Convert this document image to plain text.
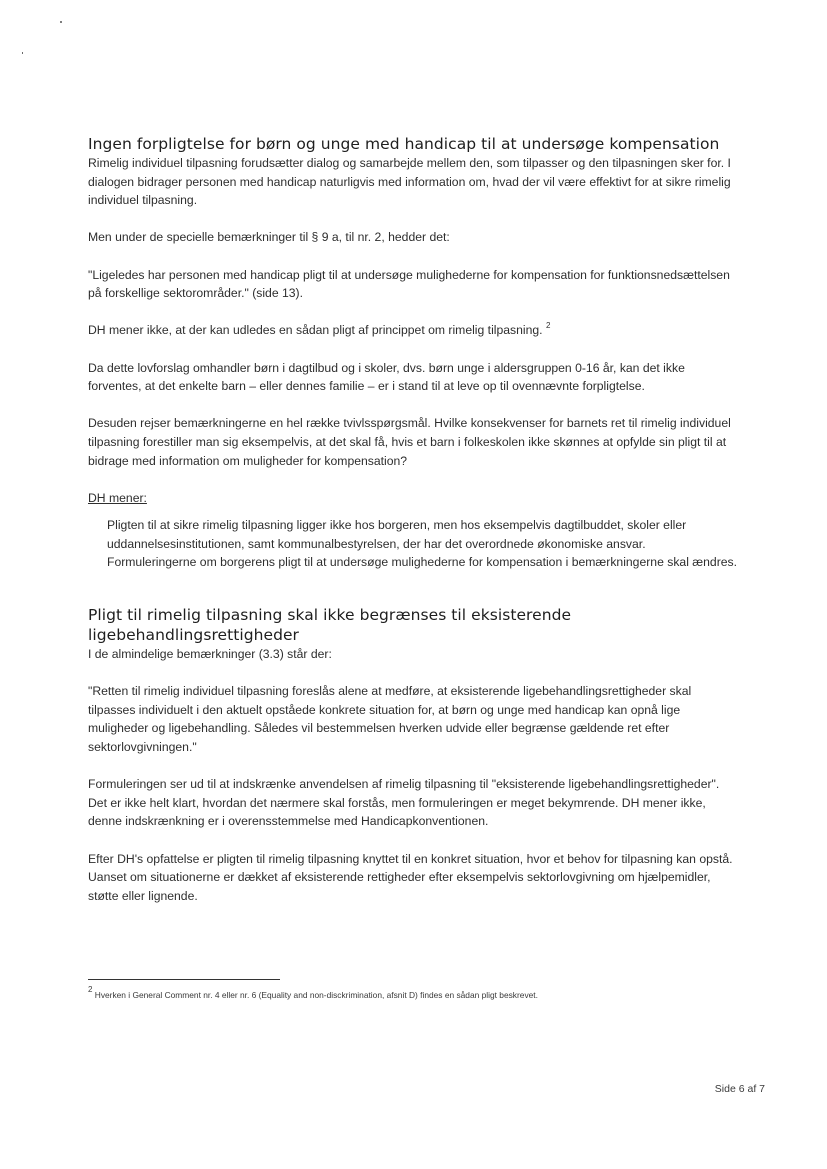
Ingen forpligtelse for børn og unge med handicap til at undersøge kompensation

Rimelig individuel tilpasning forudsætter dialog og samarbejde mellem den, som tilpasser og den tilpasningen sker for. I dialogen bidrager personen med handicap naturligvis med information om, hvad der vil være effektivt for at sikre rimelig individuel tilpasning.

Men under de specielle bemærkninger til § 9 a, til nr. 2, hedder det:

"Ligeledes har personen med handicap pligt til at undersøge mulighederne for kompensation for funktionsnedsættelsen på forskellige sektorområder." (side 13).

DH mener ikke, at der kan udledes en sådan pligt af princippet om rimelig tilpasning. $^2$

Da dette lovforslag omhandler børn i dagtilbud og i skoler, dvs. børn unge i aldersgruppen 0-16 år, kan det ikke forventes, at det enkelte barn – eller dennes familie – er i stand til at leve op til ovennævnte forpligtelse.

Desuden rejser bemærkningerne en hel række tvivlsspørgsmål. Hvilke konsekvenser for barnets ret til rimelig individuel tilpasning forestiller man sig eksempelvis, at det skal få, hvis et barn i folkeskolen ikke skønnes at opfylde sin pligt til at bidrage med information om muligheder for kompensation?

DH mener:

Pligten til at sikre rimelig tilpasning ligger ikke hos borgeren, men hos eksempelvis dagtilbuddet, skoler eller uddannelsesinstitutionen, samt kommunalbestyrelsen, der har det overordnede økonomiske ansvar. Formuleringerne om borgerens pligt til at undersøge mulighederne for kompensation i bemærkningerne skal ændres.

Pligt til rimelig tilpasning skal ikke begrænses til eksisterende ligebehandlingsrettigheder

I de almindelige bemærkninger (3.3) står der:

"Retten til rimelig individuel tilpasning foreslås alene at medføre, at eksisterende ligebehandlingsrettigheder skal tilpasses individuelt i den aktuelt opståede konkrete situation for, at børn og unge med handicap kan opnå lige muligheder og ligebehandling. Således vil bestemmelsen hverken udvide eller begrænse gældende ret efter sektorlovgivningen."

Formuleringen ser ud til at indskrænke anvendelsen af rimelig tilpasning til "eksisterende ligebehandlingsrettigheder". Det er ikke helt klart, hvordan det nærmere skal forstås, men formuleringen er meget bekymrende. DH mener ikke, denne indskrænkning er i overensstemmelse med Handicapkonventionen.

Efter DH's opfattelse er pligten til rimelig tilpasning knyttet til en konkret situation, hvor et behov for tilpasning kan opstå. Uanset om situationerne er dækket af eksisterende rettigheder efter eksempelvis sektorlovgivning om hjælpemidler, støtte eller lignende.

$^2$ Hverken i General Comment nr. 4 eller nr. 6 (Equality and non-disckrimination, afsnit D) findes en sådan pligt beskrevet.
Side 6 af 7
